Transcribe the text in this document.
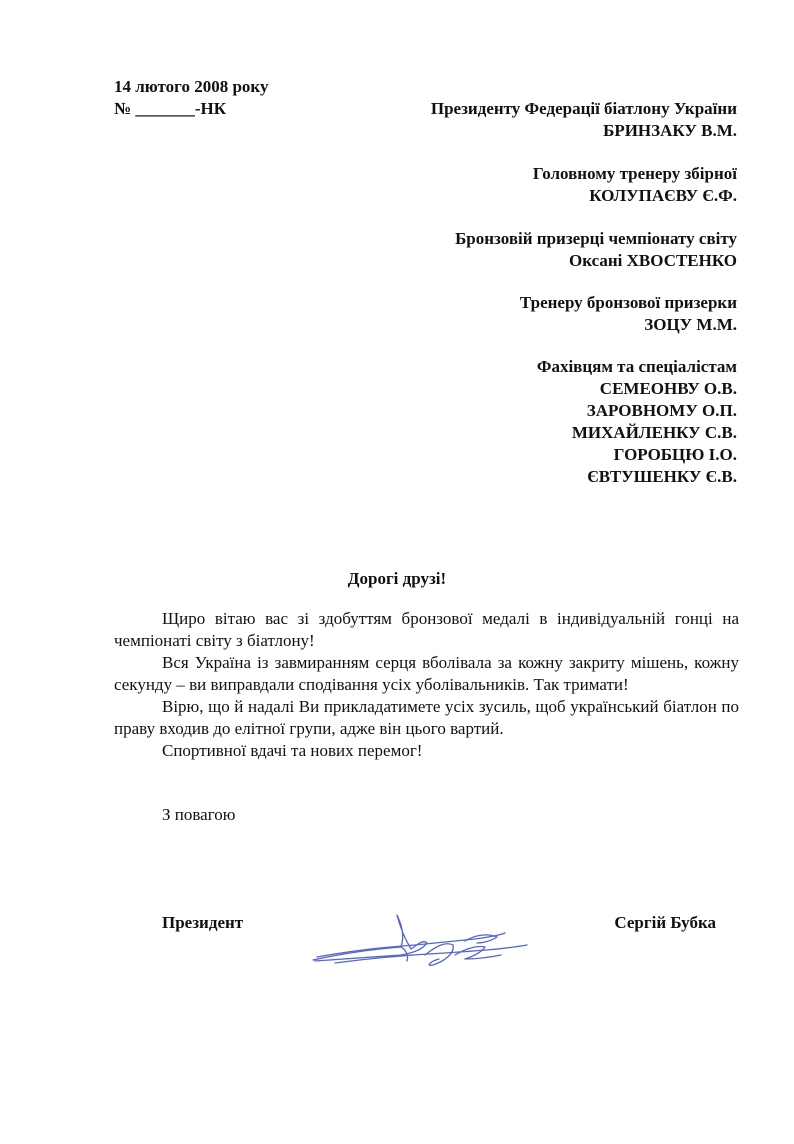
14 лютого 2008 року
№ _______-НК	Президенту Федерації біатлону України
БРИНЗАКУ В.М.
Головному тренеру збірної
КОЛУПАЄВУ Є.Ф.
Бронзовій призерці чемпіонату світу
Оксані ХВОСТЕНКО
Тренеру бронзової призерки
ЗОЦУ М.М.
Фахівцям та спеціалістам
СЕМЕОНВУ О.В.
ЗАРОВНОМУ О.П.
МИХАЙЛЕНКУ С.В.
ГОРОБЦЮ І.О.
ЄВТУШЕНКУ Є.В.
Дорогі друзі!

Щиро вітаю вас зі здобуттям бронзової медалі в індивідуальній гонці на чемпіонаті світу з біатлону!

Вся Україна із завмиранням серця вболівала за кожну закриту мішень, кожну секунду – ви виправдали сподівання усіх уболівальників. Так тримати!

Вірю, що й надалі Ви прикладатимете усіх зусиль, щоб український біатлон по праву входив до елітної групи, адже він цього вартий.

Спортивної вдачі та нових перемог!

З повагою
Президент	Сергій Бубка
